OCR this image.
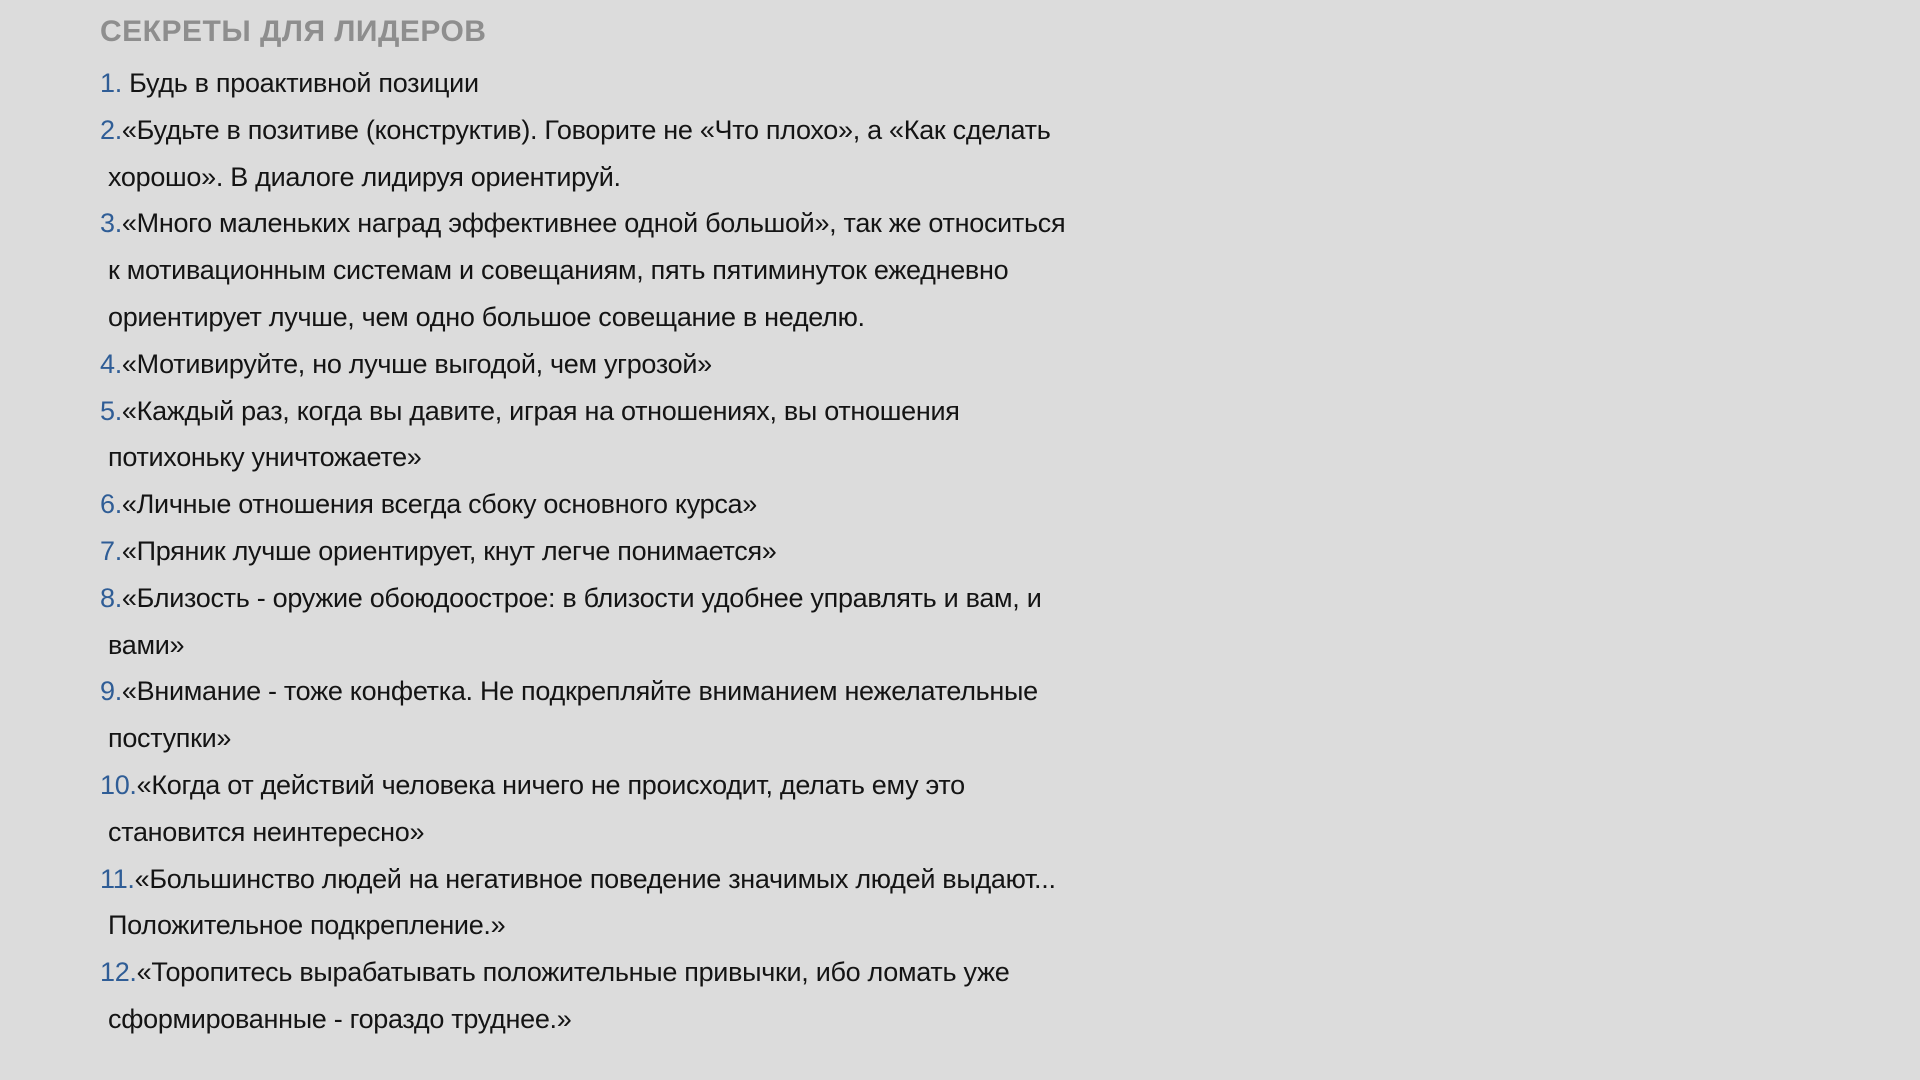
СЕКРЕТЫ ДЛЯ ЛИДЕРОВ
1. Будь в проактивной позиции
2.«Будьте в позитиве (конструктив). Говорите не «Что плохо», а «Как сделать
хорошо». В диалоге лидируя ориентируй.
3.«Много маленьких наград эффективнее одной большой», так же относиться
к мотивационным системам и совещаниям, пять пятиминуток ежедневно
ориентирует лучше, чем одно большое совещание в неделю.
4.«Мотивируйте, но лучше выгодой, чем угрозой»
5.«Каждый раз, когда вы давите, играя на отношениях, вы отношения
потихоньку уничтожаете»
6.«Личные отношения всегда сбоку основного курса»
7.«Пряник лучше ориентирует, кнут легче понимается»
8.«Близость - оружие обоюдоострое: в близости удобнее управлять и вам, и
вами»
9.«Внимание - тоже конфетка. Не подкрепляйте вниманием нежелательные
поступки»
10.«Когда от действий человека ничего не происходит, делать ему это
становится неинтересно»
11.«Большинство людей на негативное поведение значимых людей выдают...
Положительное подкрепление.»
12.«Торопитесь вырабатывать положительные привычки, ибо ломать уже
сформированные - гораздо труднее.»
